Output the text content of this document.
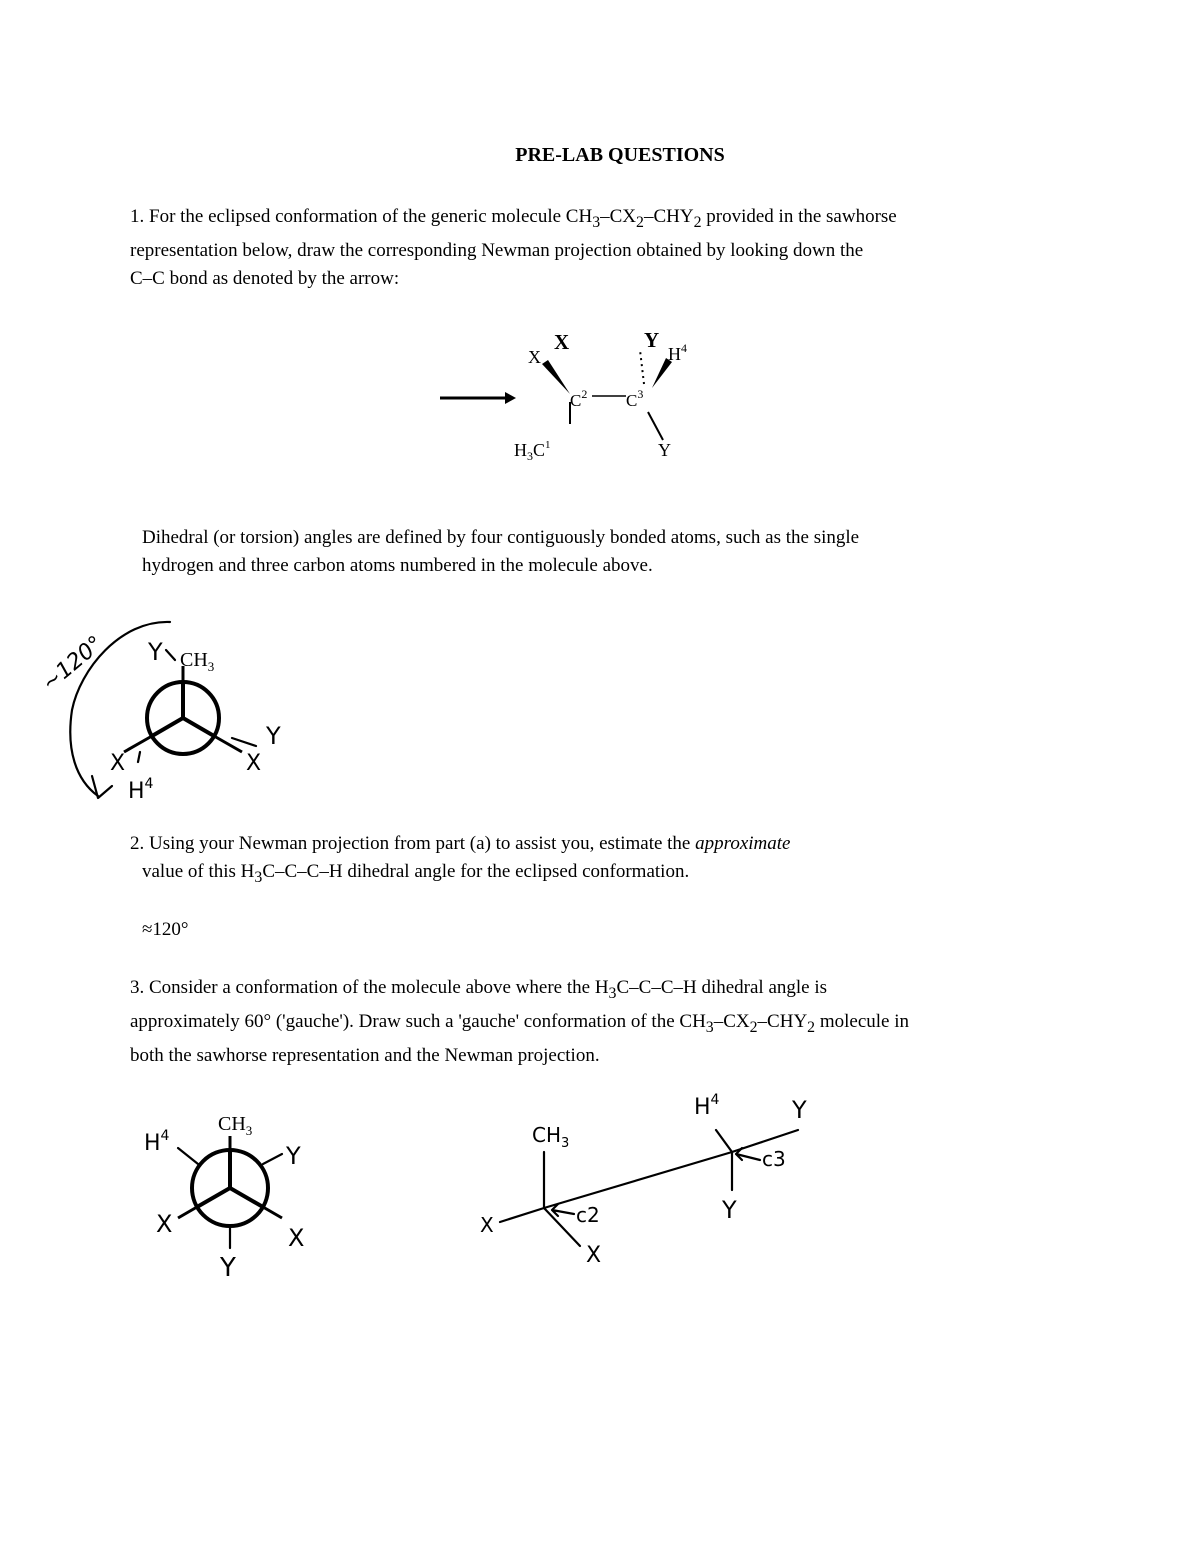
PRE-LAB QUESTIONS
1. For the eclipsed conformation of the generic molecule $CH_3-CX_2-CHY_2$ provided in the sawhorse
representation below, draw the corresponding Newman projection obtained by looking down the
C–C bond as denoted by the arrow:
X
X	Y
$H^4$
$C^2$ $C^3$
$H_3C^1$	Y
Dihedral (or torsion) angles are defined by four contiguously bonded atoms, such as the single
hydrogen and three carbon atoms numbered in the molecule above.
~120°	$CH_3$
Y
X
$H^4$
X
Y
2. Using your Newman projection from part (a) to assist you, estimate the approximate
value of this $H_3C-C-C-H$ dihedral angle for the eclipsed conformation.
≈120°
3. Consider a conformation of the molecule above where the $H_3C-C-C-H$ dihedral angle is
approximately 60° ('gauche'). Draw such a 'gauche' conformation of the $CH_3-CX_2-CHY_2$ molecule in
both the sawhorse representation and the Newman projection.
$CH_3$
$H^4$
Y
X	X
Y
$CH_3$
X
X
c2
$H^4$	Y
c3
Y
